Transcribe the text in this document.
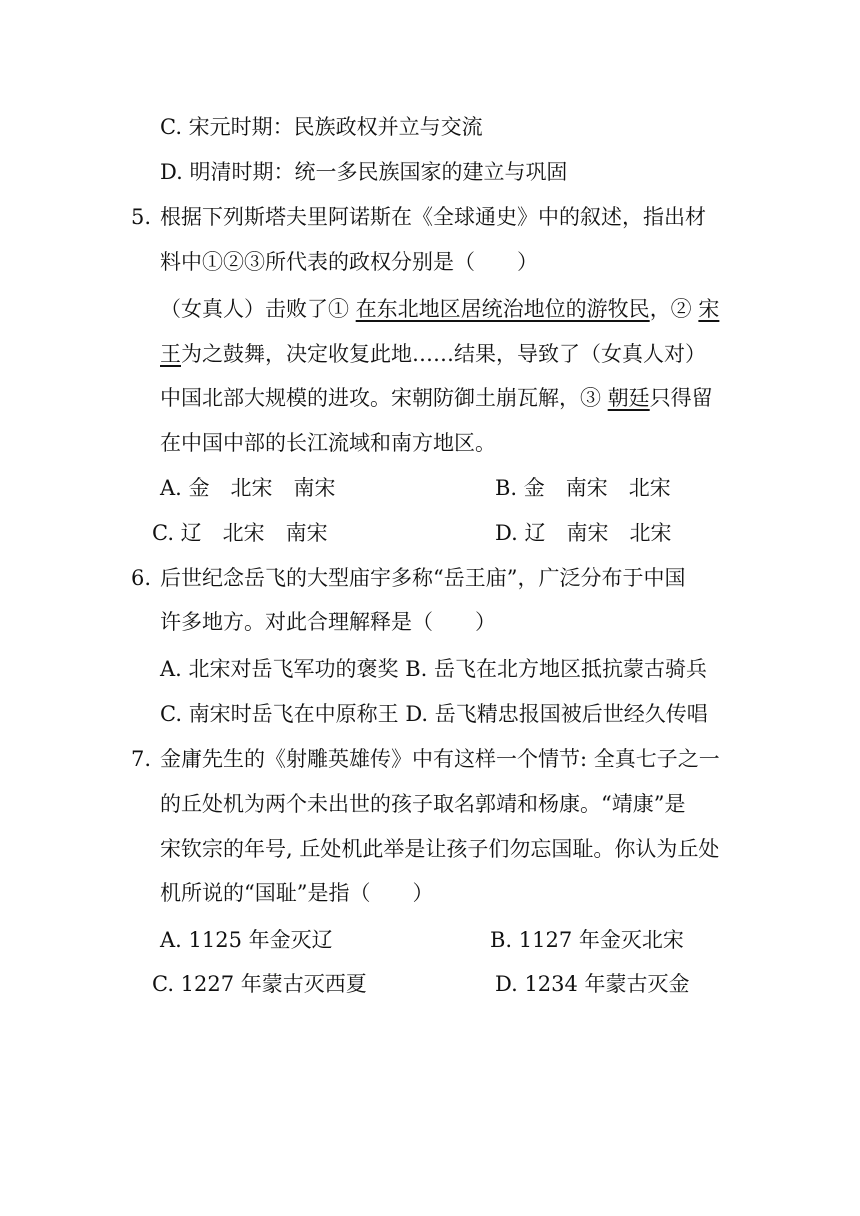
C. 宋元时期：民族政权并立与交流
D. 明清时期：统一多民族国家的建立与巩固
5. 根据下列斯塔夫里阿诺斯在《全球通史》中的叙述，指出材
料中①②③所代表的政权分别是（　　）
（女真人）击败了① 在东北地区居统治地位的游牧民，② 宋
王为之鼓舞，决定收复此地……结果，导致了（女真人对）
中国北部大规模的进攻。宋朝防御土崩瓦解，③ 朝廷只得留
在中国中部的长江流域和南方地区。
A. 金　北宋　南宋	B. 金　南宋　北宋
C. 辽　北宋　南宋	D. 辽　南宋　北宋
6. 后世纪念岳飞的大型庙宇多称“岳王庙”，广泛分布于中国
许多地方。对此合理解释是（　　）
A. 北宋对岳飞军功的褒奖 B. 岳飞在北方地区抵抗蒙古骑兵
C. 南宋时岳飞在中原称王 D. 岳飞精忠报国被后世经久传唱
7. 金庸先生的《射雕英雄传》中有这样一个情节: 全真七子之一
的丘处机为两个未出世的孩子取名郭靖和杨康。“靖康”是
宋钦宗的年号, 丘处机此举是让孩子们勿忘国耻。你认为丘处
机所说的“国耻”是指（　　）
A. 1125 年金灭辽	B. 1127 年金灭北宋
C. 1227 年蒙古灭西夏	D. 1234 年蒙古灭金
